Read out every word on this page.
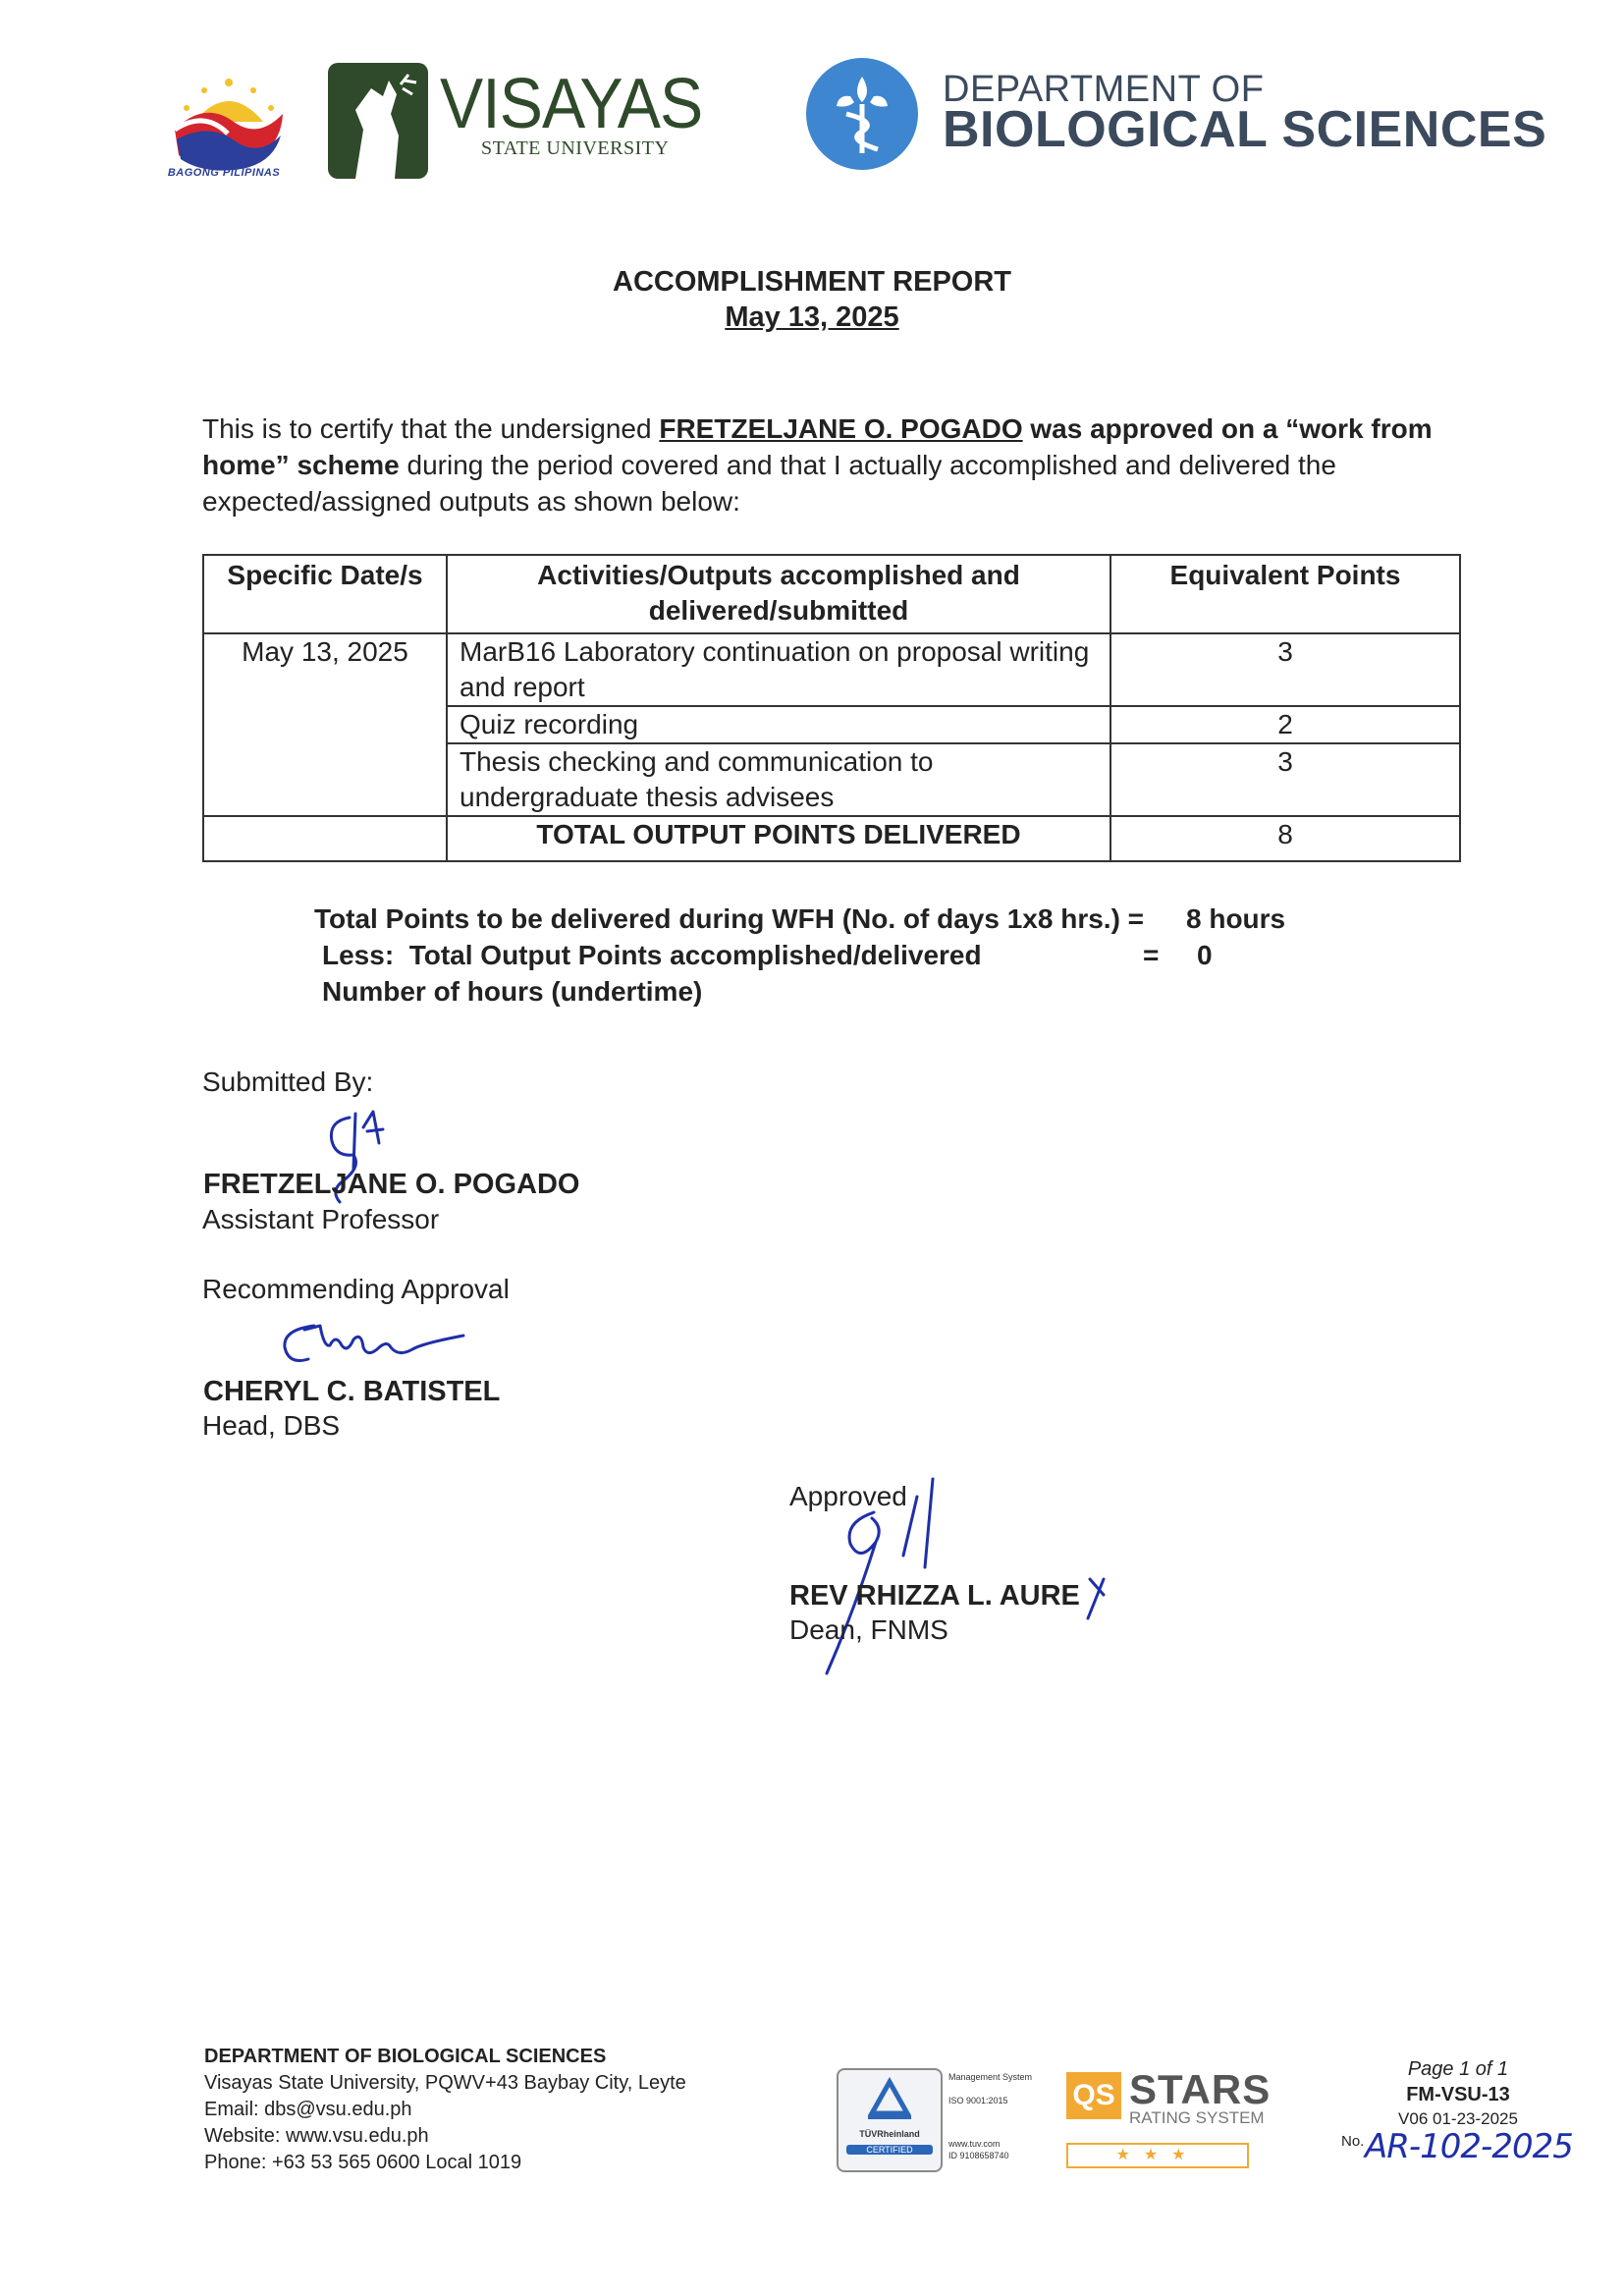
BAGONG PILIPINAS
VISAYAS
STATE UNIVERSITY
DEPARTMENT OF
BIOLOGICAL SCIENCES
ACCOMPLISHMENT REPORT
May 13, 2025
This is to certify that the undersigned FRETZELJANE O. POGADO was approved on a “work from home” scheme during the period covered and that I actually accomplished and delivered the expected/assigned outputs as shown below:
Specific Date/s	Activities/Outputs accomplished and delivered/submitted	Equivalent Points
May 13, 2025	MarB16 Laboratory continuation on proposal writing and report	3
	Quiz recording	2
	Thesis checking and communication to undergraduate thesis advisees	3
	TOTAL OUTPUT POINTS DELIVERED	8
Total Points to be delivered during WFH (No. of days 1x8 hrs.) = 8 hours
Less:  Total Output Points accomplished/delivered	= 0
Number of hours (undertime)
Submitted By:
FRETZELJANE O. POGADO
Assistant Professor
Recommending Approval
CHERYL C. BATISTEL
Head, DBS
Approved
REV RHIZZA L. AURE
Dean, FNMS
DEPARTMENT OF BIOLOGICAL SCIENCES
Visayas State University, PQWV+43 Baybay City, Leyte
Email: dbs@vsu.edu.ph
Website: www.vsu.edu.ph
Phone: +63 53 565 0600 Local 1019
TÜVRheinland
CERTIFIED
Management System
ISO 9001:2015
www.tuv.com
ID 9108658740
QS STARS
RATING SYSTEM
★★★
Page 1 of 1
FM-VSU-13
V06 01-23-2025
No. AR-102-2025
